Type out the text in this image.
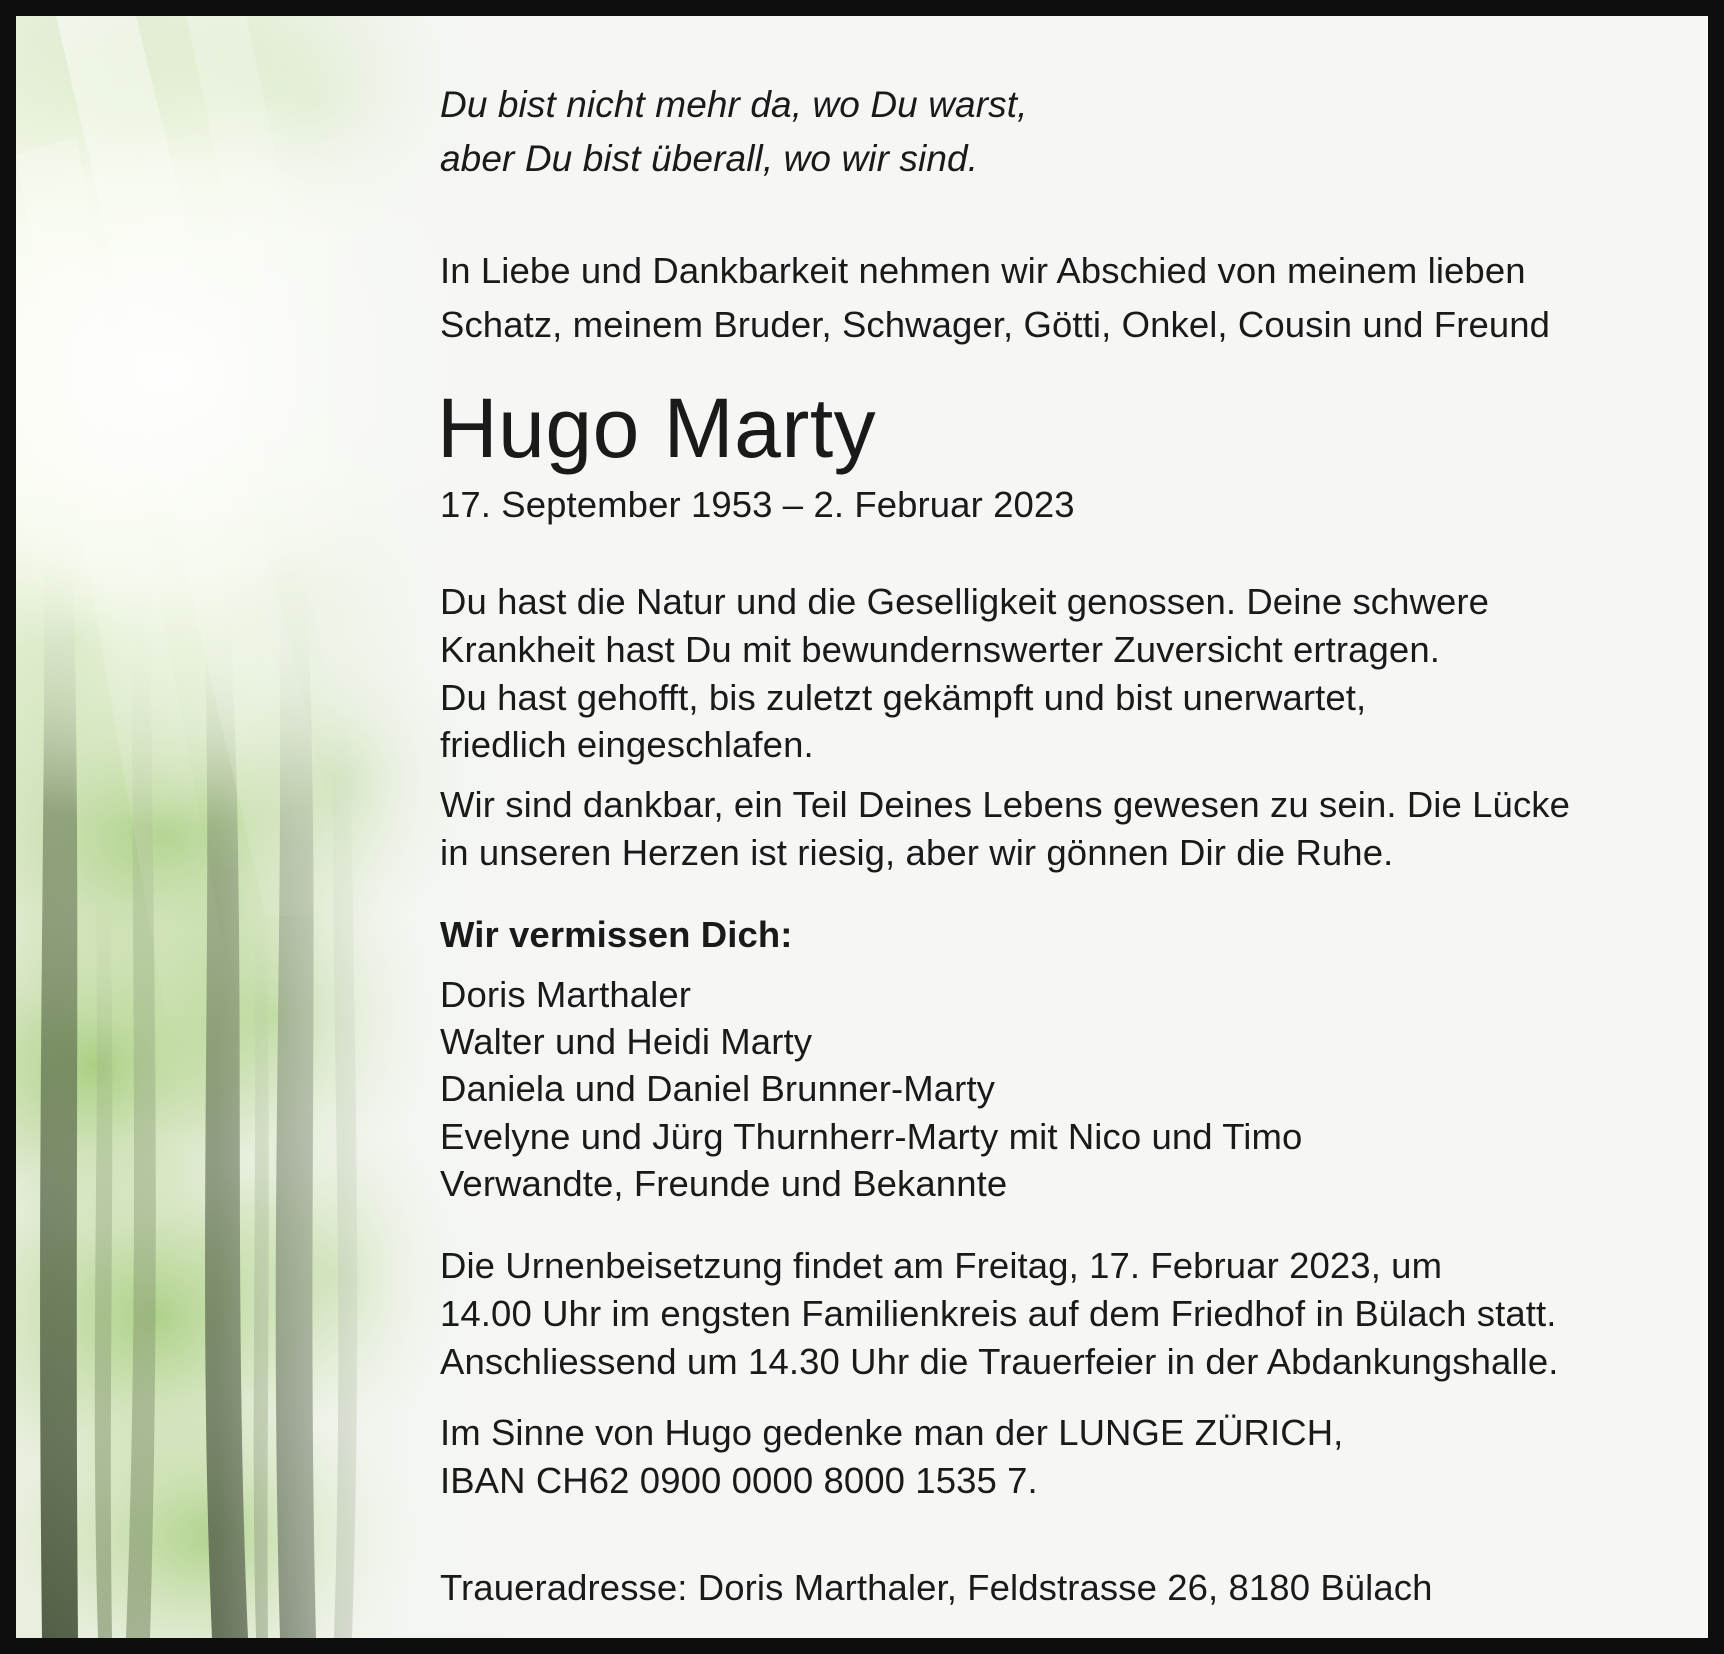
Du bist nicht mehr da, wo Du warst,
aber Du bist überall, wo wir sind.
In Liebe und Dankbarkeit nehmen wir Abschied von meinem lieben
Schatz, meinem Bruder, Schwager, Götti, Onkel, Cousin und Freund
Hugo Marty
17. September 1953 – 2. Februar 2023
Du hast die Natur und die Geselligkeit genossen. Deine schwere
Krankheit hast Du mit bewundernswerter Zuversicht ertragen.
Du hast gehofft, bis zuletzt gekämpft und bist unerwartet,
friedlich eingeschlafen.
Wir sind dankbar, ein Teil Deines Lebens gewesen zu sein. Die Lücke
in unseren Herzen ist riesig, aber wir gönnen Dir die Ruhe.
Wir vermissen Dich:
Doris Marthaler
Walter und Heidi Marty
Daniela und Daniel Brunner-Marty
Evelyne und Jürg Thurnherr-Marty mit Nico und Timo
Verwandte, Freunde und Bekannte
Die Urnenbeisetzung findet am Freitag, 17. Februar 2023, um
14.00 Uhr im engsten Familienkreis auf dem Friedhof in Bülach statt.
Anschliessend um 14.30 Uhr die Trauerfeier in der Abdankungshalle.
Im Sinne von Hugo gedenke man der LUNGE ZÜRICH,
IBAN CH62 0900 0000 8000 1535 7.
Traueradresse: Doris Marthaler, Feldstrasse 26, 8180 Bülach
